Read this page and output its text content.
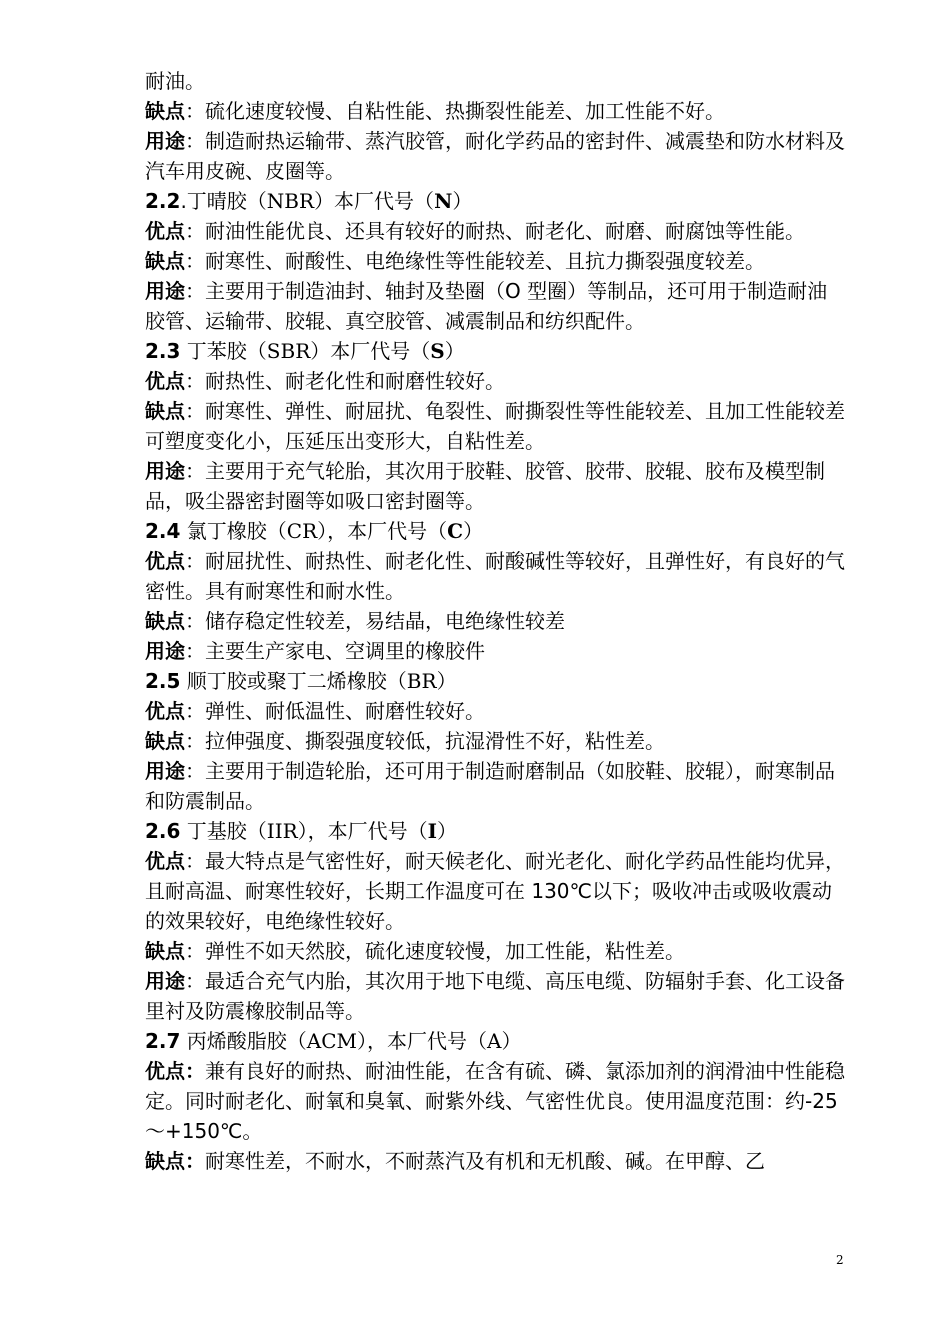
耐油。

缺点：硫化速度较慢、自粘性能、热撕裂性能差、加工性能不好。

用途：制造耐热运输带、蒸汽胶管，耐化学药品的密封件、减震垫和防水材料及汽车用皮碗、皮圈等。

2.2.丁晴胶（NBR）本厂代号（N）

优点：耐油性能优良、还具有较好的耐热、耐老化、耐磨、耐腐蚀等性能。

缺点：耐寒性、耐酸性、电绝缘性等性能较差、且抗力撕裂强度较差。

用途：主要用于制造油封、轴封及垫圈（O 型圈）等制品，还可用于制造耐油胶管、运输带、胶辊、真空胶管、减震制品和纺织配件。

2.3 丁苯胶（SBR）本厂代号（S）

优点：耐热性、耐老化性和耐磨性较好。

缺点：耐寒性、弹性、耐屈扰、龟裂性、耐撕裂性等性能较差、且加工性能较差可塑度变化小，压延压出变形大，自粘性差。

用途：主要用于充气轮胎，其次用于胶鞋、胶管、胶带、胶辊、胶布及模型制品，吸尘器密封圈等如吸口密封圈等。

2.4 氯丁橡胶（CR），本厂代号（C）

优点：耐屈扰性、耐热性、耐老化性、耐酸碱性等较好，且弹性好，有良好的气密性。具有耐寒性和耐水性。

缺点：储存稳定性较差，易结晶，电绝缘性较差

用途：主要生产家电、空调里的橡胶件

2.5 顺丁胶或聚丁二烯橡胶（BR）

优点：弹性、耐低温性、耐磨性较好。

缺点：拉伸强度、撕裂强度较低，抗湿滑性不好，粘性差。

用途：主要用于制造轮胎，还可用于制造耐磨制品（如胶鞋、胶辊），耐寒制品和防震制品。

2.6 丁基胶（IIR），本厂代号（I）

优点：最大特点是气密性好，耐天候老化、耐光老化、耐化学药品性能均优异，且耐高温、耐寒性较好，长期工作温度可在 130℃以下；吸收冲击或吸收震动的效果较好，电绝缘性较好。

缺点：弹性不如天然胶，硫化速度较慢，加工性能，粘性差。

用途：最适合充气内胎，其次用于地下电缆、高压电缆、防辐射手套、化工设备里衬及防震橡胶制品等。

2.7 丙烯酸脂胶（ACM），本厂代号（A）

优点：兼有良好的耐热、耐油性能，在含有硫、磷、氯添加剂的润滑油中性能稳定。同时耐老化、耐氧和臭氧、耐紫外线、气密性优良。使用温度范围：约-25～+150℃。

缺点：耐寒性差，不耐水，不耐蒸汽及有机和无机酸、碱。在甲醇、乙

2
